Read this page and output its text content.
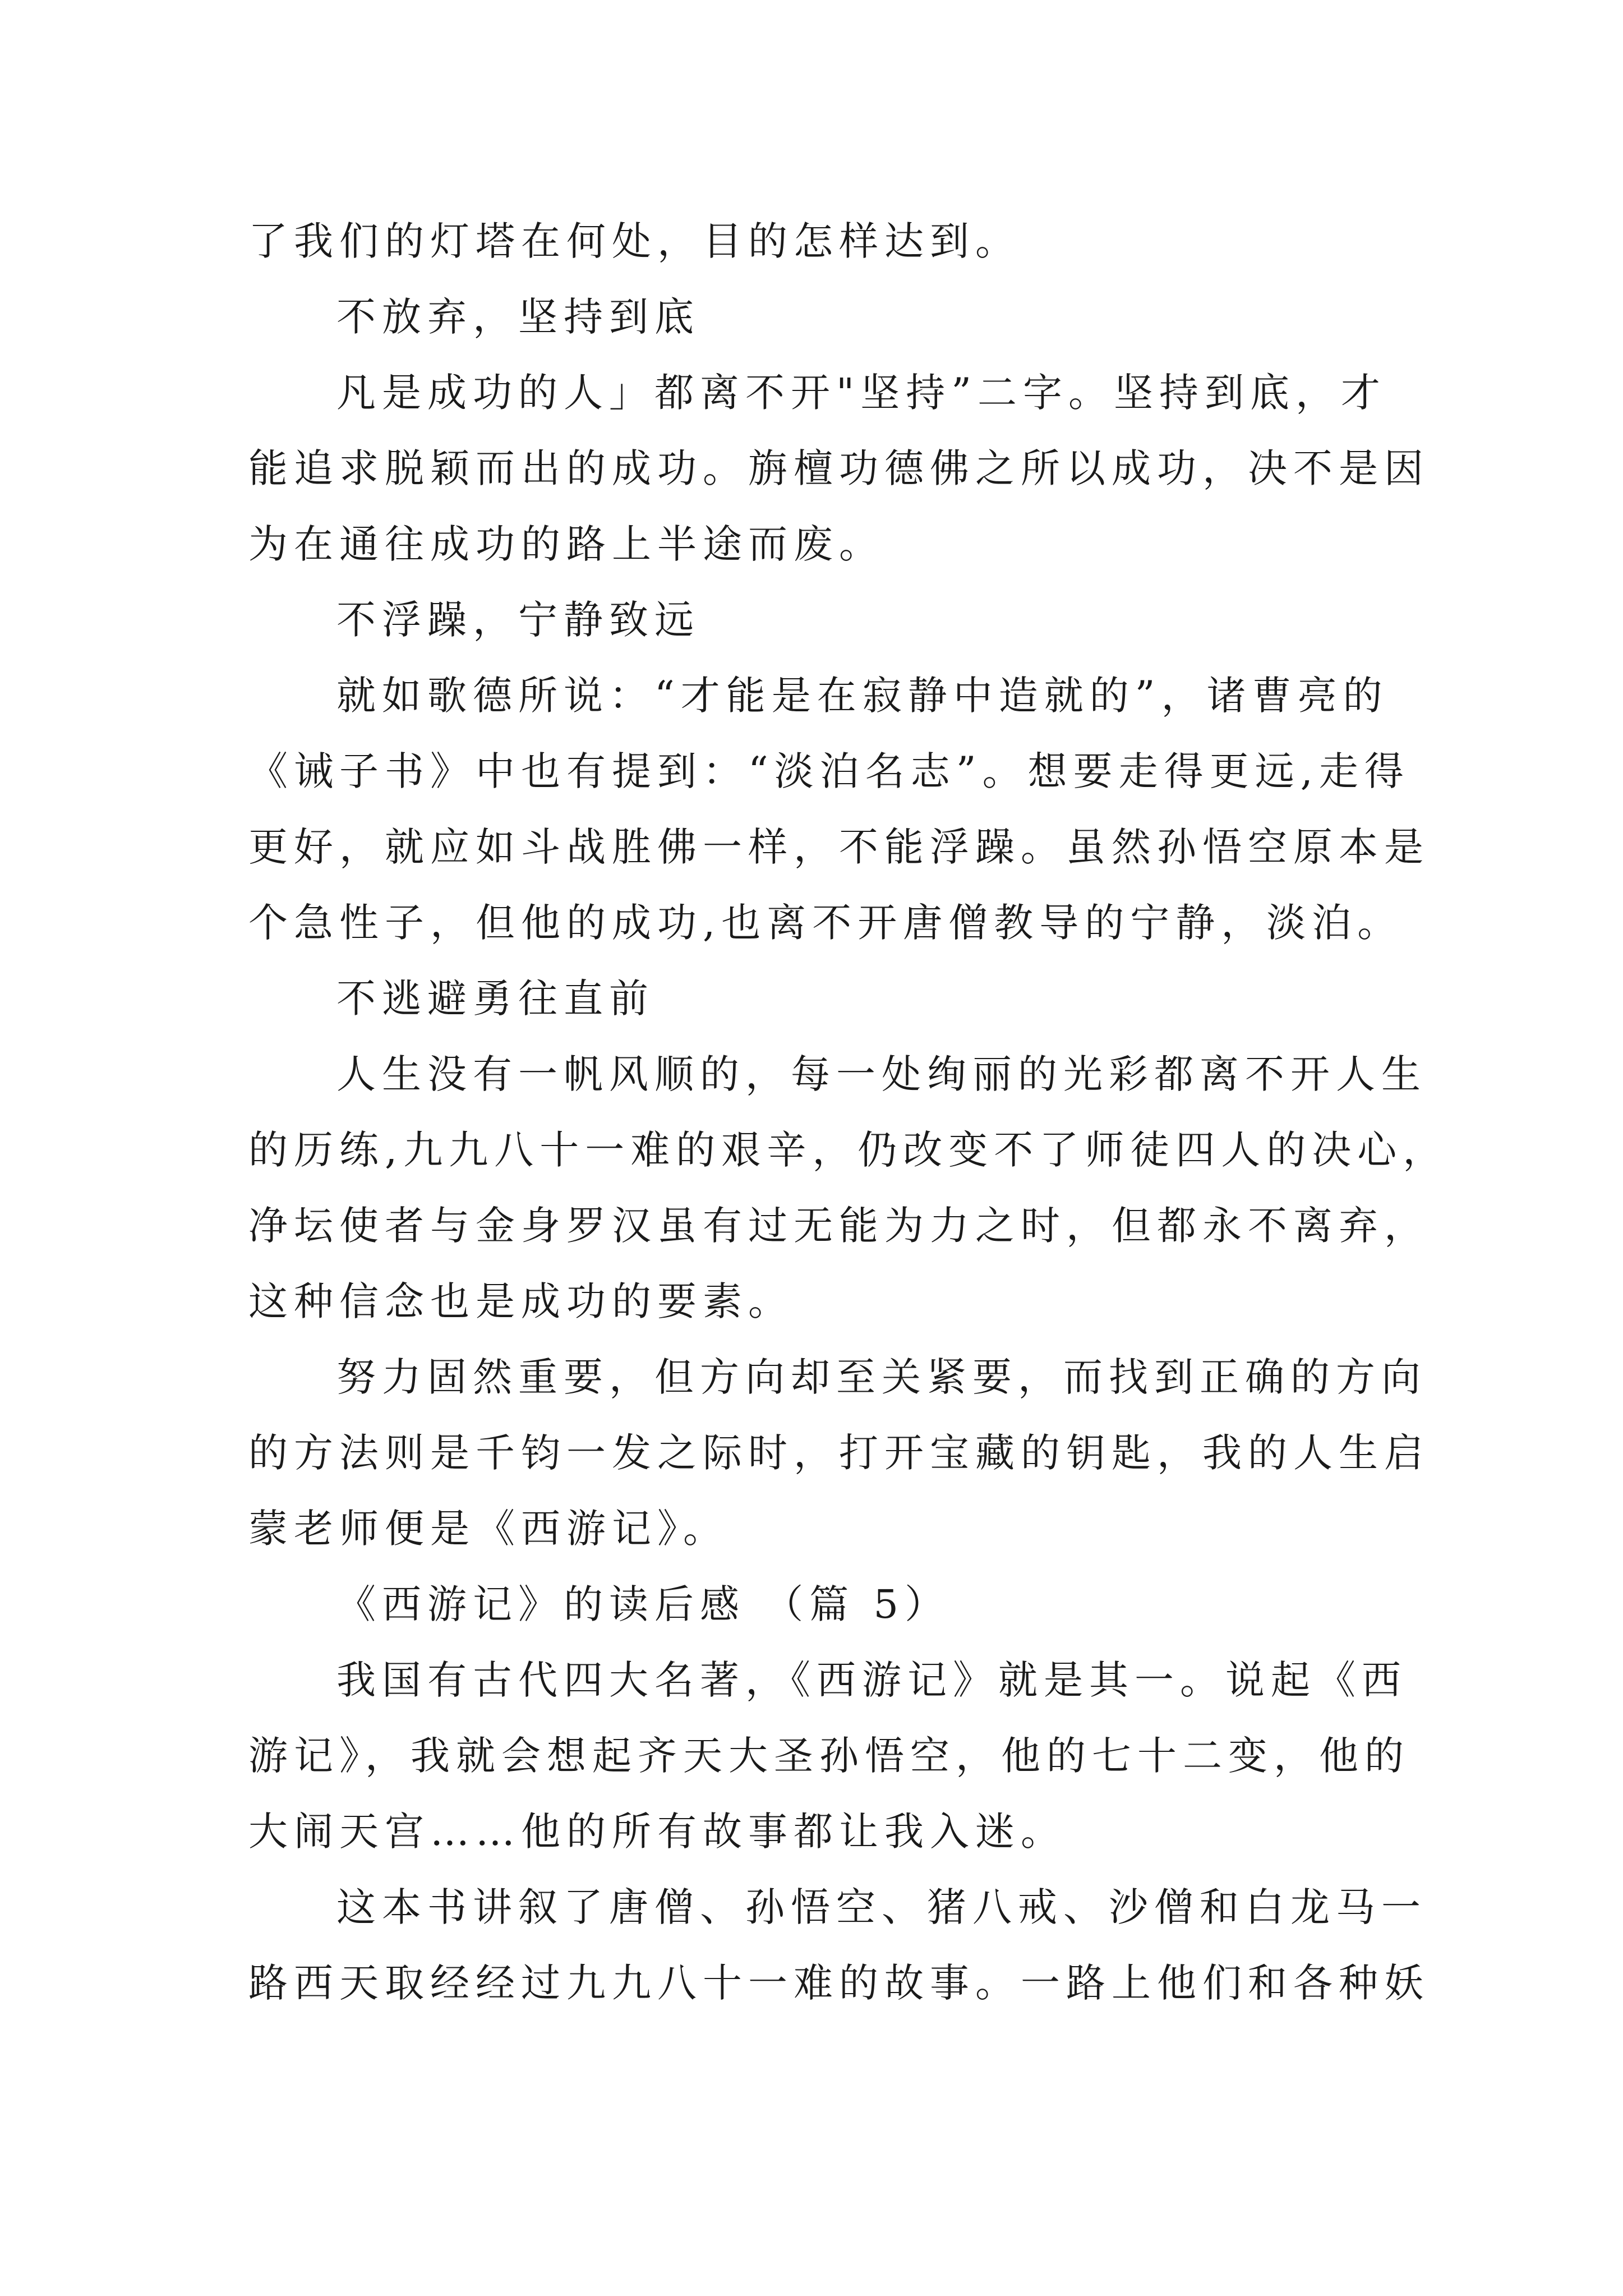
了我们的灯塔在何处，目的怎样达到。
不放弃，坚持到底
凡是成功的人」都离不开"坚持”二字。坚持到底，才
能追求脱颖而出的成功。旃檀功德佛之所以成功，决不是因
为在通往成功的路上半途而废。
不浮躁，宁静致远
就如歌德所说：“才能是在寂静中造就的”，诸曹亮的
《诫子书》中也有提到：“淡泊名志”。想要走得更远,走得
更好，就应如斗战胜佛一样，不能浮躁。虽然孙悟空原本是
个急性子，但他的成功,也离不开唐僧教导的宁静，淡泊。
不逃避勇往直前
人生没有一帆风顺的，每一处绚丽的光彩都离不开人生
的历练,九九八十一难的艰辛，仍改变不了师徒四人的决心，
净坛使者与金身罗汉虽有过无能为力之时，但都永不离弃，
这种信念也是成功的要素。
努力固然重要，但方向却至关紧要，而找到正确的方向
的方法则是千钧一发之际时，打开宝藏的钥匙，我的人生启
蒙老师便是《西游记》。
《西游记》的读后感 （篇 5）
我国有古代四大名著，《西游记》就是其一。说起《西
游记》，我就会想起齐天大圣孙悟空，他的七十二变，他的
大闹天宫……他的所有故事都让我入迷。
这本书讲叙了唐僧、孙悟空、猪八戒、沙僧和白龙马一
路西天取经经过九九八十一难的故事。一路上他们和各种妖
